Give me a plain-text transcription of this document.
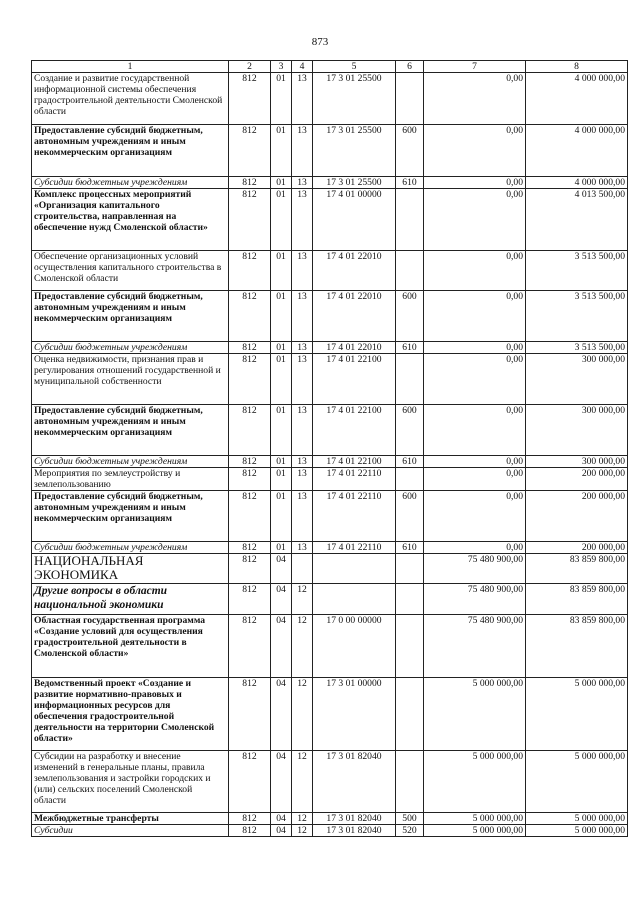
873
1	2	3	4	5	6	7	8
Создание и развитие государственной информационной системы обеспечения градостроительной деятельности Смоленской области	812	01	13	17 3 01 25500		0,00	4 000 000,00
Предоставление субсидий бюджетным, автономным учреждениям и иным некоммерческим организациям	812	01	13	17 3 01 25500	600	0,00	4 000 000,00
Субсидии бюджетным учреждениям	812	01	13	17 3 01 25500	610	0,00	4 000 000,00
Комплекс процессных мероприятий «Организация капитального строительства, направленная на обеспечение нужд Смоленской области»	812	01	13	17 4 01 00000		0,00	4 013 500,00
Обеспечение организационных условий осуществления капитального строительства в Смоленской области	812	01	13	17 4 01 22010		0,00	3 513 500,00
Предоставление субсидий бюджетным, автономным учреждениям и иным некоммерческим организациям	812	01	13	17 4 01 22010	600	0,00	3 513 500,00
Субсидии бюджетным учреждениям	812	01	13	17 4 01 22010	610	0,00	3 513 500,00
Оценка недвижимости, признания прав и регулирования отношений государственной и муниципальной собственности	812	01	13	17 4 01 22100		0,00	300 000,00
Предоставление субсидий бюджетным, автономным учреждениям и иным некоммерческим организациям	812	01	13	17 4 01 22100	600	0,00	300 000,00
Субсидии бюджетным учреждениям	812	01	13	17 4 01 22100	610	0,00	300 000,00
Мероприятия по землеустройству и землепользованию	812	01	13	17 4 01 22110		0,00	200 000,00
Предоставление субсидий бюджетным, автономным учреждениям и иным некоммерческим организациям	812	01	13	17 4 01 22110	600	0,00	200 000,00
Субсидии бюджетным учреждениям	812	01	13	17 4 01 22110	610	0,00	200 000,00
НАЦИОНАЛЬНАЯ ЭКОНОМИКА	812	04				75 480 900,00	83 859 800,00
Другие вопросы в области национальной экономики	812	04	12			75 480 900,00	83 859 800,00
Областная государственная программа «Создание условий для осуществления градостроительной деятельности в Смоленской области»	812	04	12	17 0 00 00000		75 480 900,00	83 859 800,00
Ведомственный проект «Создание и развитие нормативно-правовых и информационных ресурсов для обеспечения градостроительной деятельности на территории Смоленской области»	812	04	12	17 3 01 00000		5 000 000,00	5 000 000,00
Субсидии на разработку и внесение изменений в генеральные планы, правила землепользования и застройки городских и (или) сельских поселений Смоленской области	812	04	12	17 3 01 82040		5 000 000,00	5 000 000,00
Межбюджетные трансферты	812	04	12	17 3 01 82040	500	5 000 000,00	5 000 000,00
Субсидии	812	04	12	17 3 01 82040	520	5 000 000,00	5 000 000,00
